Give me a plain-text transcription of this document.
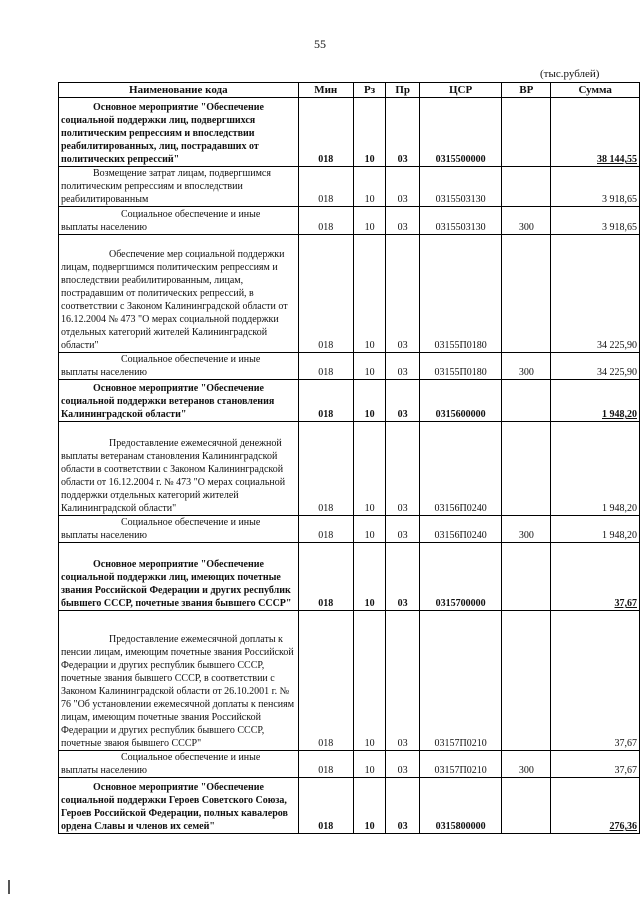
55
(тыс.рублей)
Наименование кода	Мин	Рз	Пр	ЦСР	ВР	Сумма
Основное мероприятие "Обеспечение социальной поддержки лиц, подвергшихся политическим репрессиям и впоследствии реабилитированных, лиц, пострадавших от политических репрессий"	018	10	03	0315500000		38 144,55
Возмещение затрат лицам, подвергшимся политическим репрессиям и впоследствии реабилитированным	018	10	03	0315503130		3 918,65
Социальное обеспечение и иные выплаты населению	018	10	03	0315503130	300	3 918,65
Обеспечение мер социальной поддержки лицам, подвергшимся политическим репрессиям и впоследствии реабилитированным, лицам, пострадавшим от политических репрессий, в соответствии с Законом Калининградской области от 16.12.2004 № 473 "О мерах социальной поддержки отдельных категорий жителей Калининградской области"	018	10	03	03155П0180		34 225,90
Социальное обеспечение и иные выплаты населению	018	10	03	03155П0180	300	34 225,90
Основное мероприятие "Обеспечение социальной поддержки ветеранов становления Калининградской области"	018	10	03	0315600000		1 948,20
Предоставление ежемесячной денежной выплаты ветеранам становления Калининградской области в соответствии с Законом Калининградской области от 16.12.2004 г. № 473 "О мерах социальной поддержки отдельных категорий жителей Калининградской области"	018	10	03	03156П0240		1 948,20
Социальное обеспечение и иные выплаты населению	018	10	03	03156П0240	300	1 948,20
Основное мероприятие "Обеспечение социальной поддержки лиц, имеющих почетные звания Российской Федерации и других республик бывшего СССР, почетные звания бывшего СССР"	018	10	03	0315700000		37,67
Предоставление ежемесячной доплаты к пенсии лицам, имеющим почетные звания Российской Федерации и других республик бывшего СССР, почетные звания бывшего СССР, в соответствии с Законом Калининградской области от 26.10.2001 г. № 76 "Об установлении ежемесячной доплаты к пенсиям лицам, имеющим почетные звания Российской Федерации и других республик бывшего СССР, почетные зваюя бывшего СССР"	018	10	03	03157П0210		37,67
Социальное обеспечение и иные выплаты населению	018	10	03	03157П0210	300	37,67
Основное мероприятие "Обеспечение социальной поддержки Героев Советского Союза, Героев Российской Федерации, полных кавалеров ордена Славы и членов их семей"	018	10	03	0315800000		276,36
